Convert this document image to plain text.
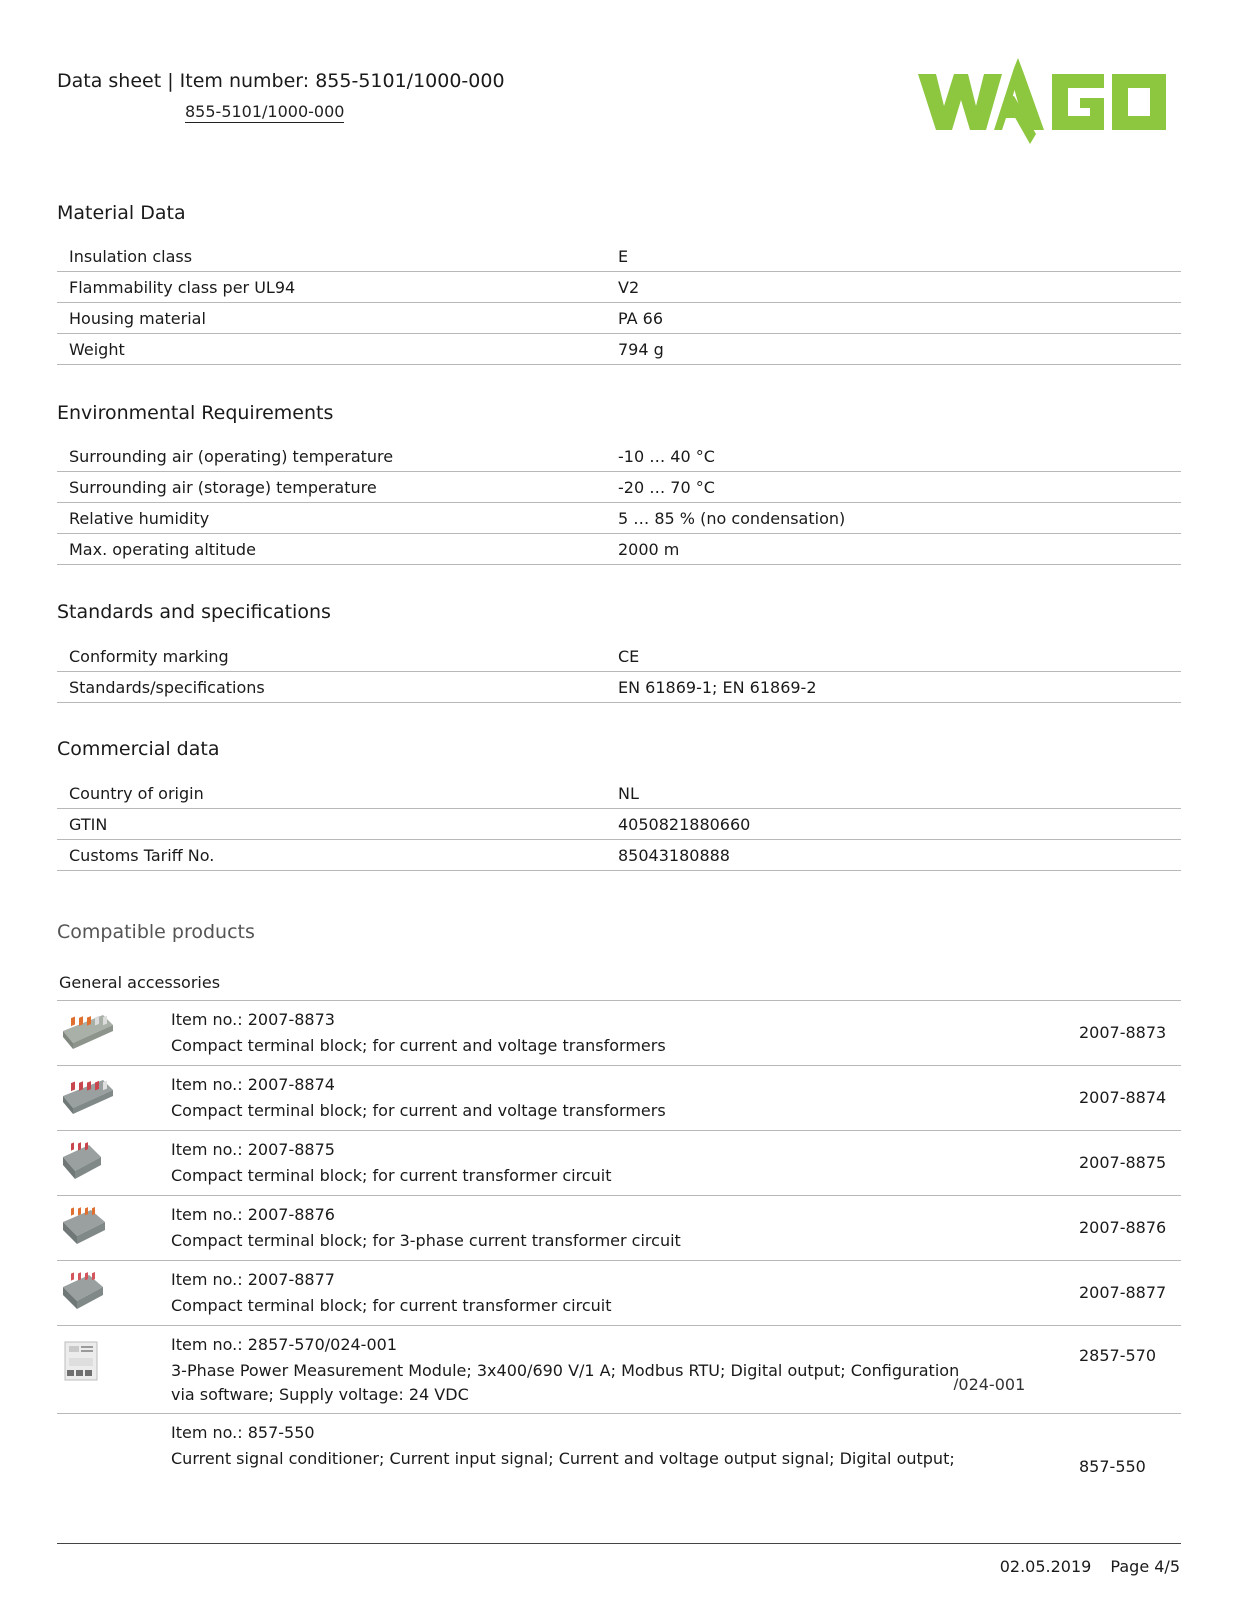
Data sheet | Item number: 855-5101/1000-000
855-5101/1000-000
Material Data
Insulation class	E
Flammability class per UL94	V2
Housing material	PA 66
Weight	794 g
Environmental Requirements
Surrounding air (operating) temperature	-10 … 40 °C
Surrounding air (storage) temperature	-20 … 70 °C
Relative humidity	5 … 85 % (no condensation)
Max. operating altitude	2000 m
Standards and specifications
Conformity marking	CE
Standards/specifications	EN 61869-1; EN 61869-2
Commercial data
Country of origin	NL
GTIN	4050821880660
Customs Tariff No.	85043180888
Compatible products
General accessories
Item no.: 2007-8873
Compact terminal block; for current and voltage transformers
2007-8873
Item no.: 2007-8874
Compact terminal block; for current and voltage transformers
2007-8874
Item no.: 2007-8875
Compact terminal block; for current transformer circuit
2007-8875
Item no.: 2007-8876
Compact terminal block; for 3-phase current transformer circuit
2007-8876
Item no.: 2007-8877
Compact terminal block; for current transformer circuit
2007-8877
Item no.: 2857-570/024-001
3-Phase Power Measurement Module; 3x400/690 V/1 A; Modbus RTU; Digital output; Configuration via software; Supply voltage: 24 VDC
/024-001
2857-570
Item no.: 857-550
Current signal conditioner; Current input signal; Current and voltage output signal; Digital output;	857-550
02.05.2019 Page 4/5
